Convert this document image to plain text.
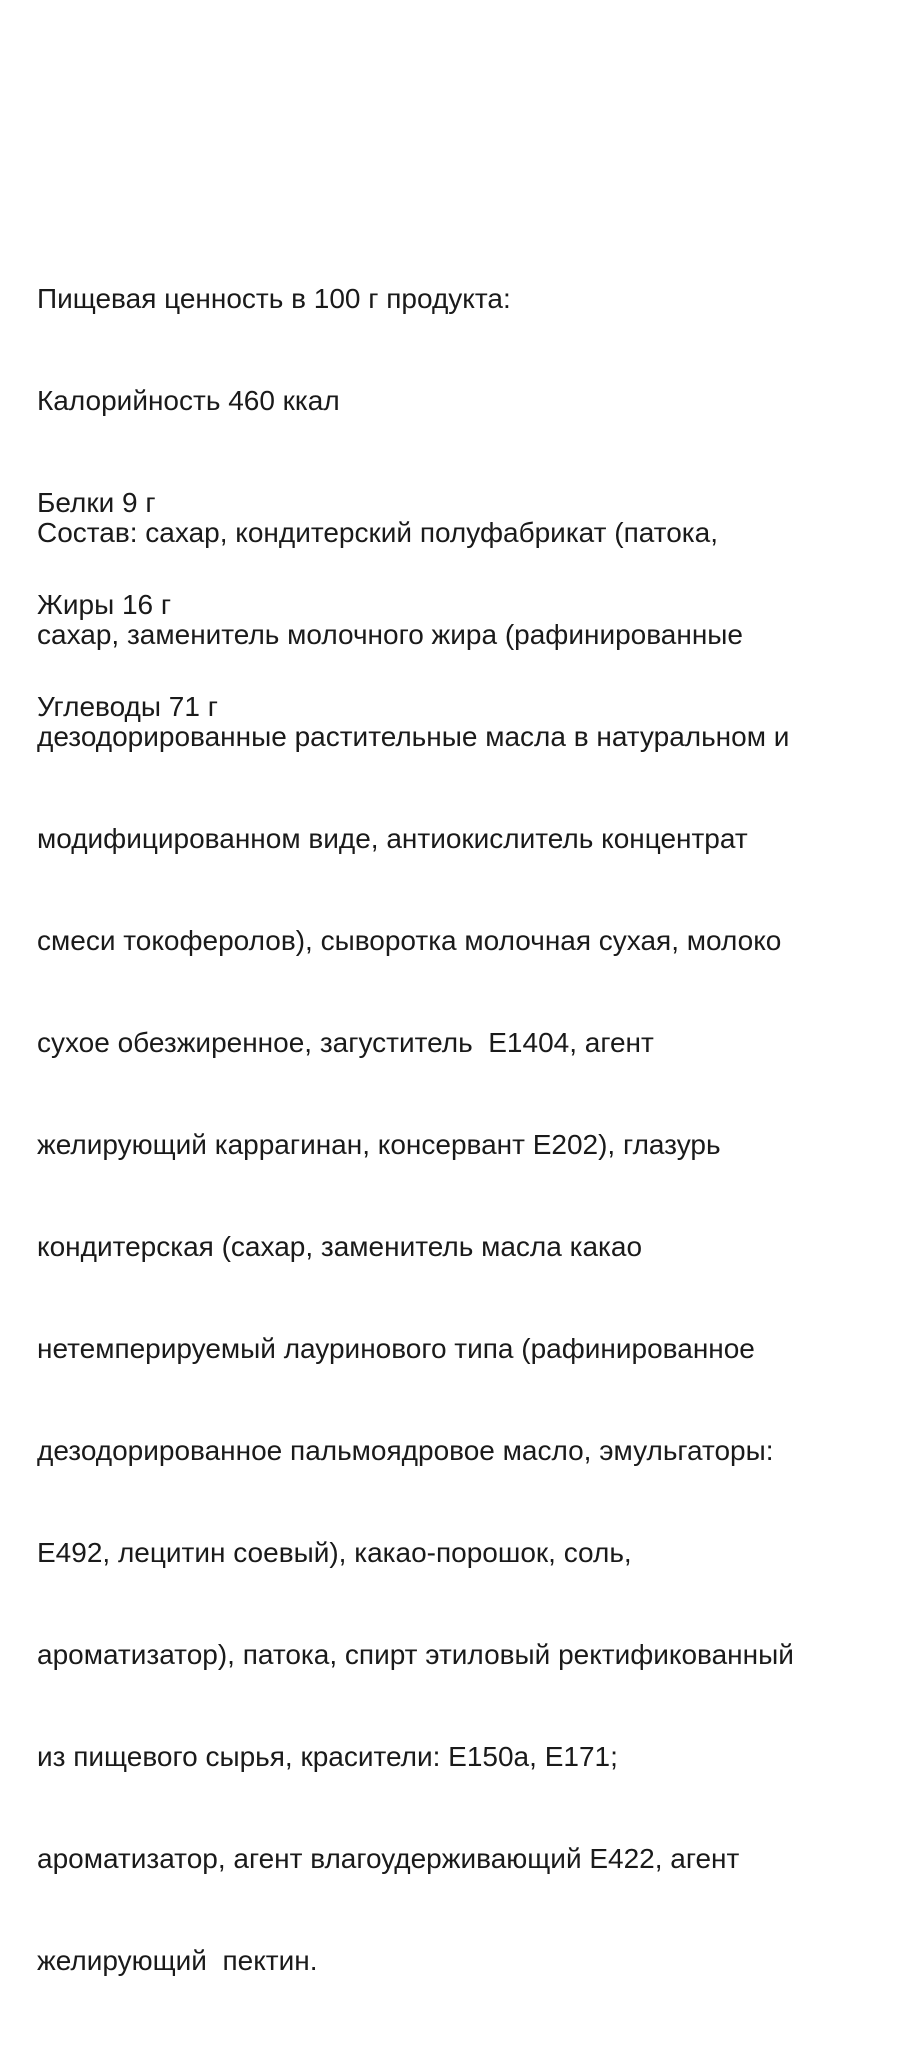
Пищевая ценность в 100 г продукта:

Калорийность 460 ккал

Белки 9 г

Жиры 16 г

Углеводы 71 г

Состав: сахар, кондитерский полуфабрикат (патока,

сахар, заменитель молочного жира (рафинированные

дезодорированные растительные масла в натуральном и

модифицированном виде, антиокислитель концентрат

смеси токоферолов), сыворотка молочная сухая, молоко

сухое обезжиренное, загуститель  Е1404, агент

желирующий каррагинан, консервант Е202), глазурь

кондитерская (сахар, заменитель масла какао

нетемперируемый лауринового типа (рафинированное

дезодорированное пальмоядровое масло, эмульгаторы:

Е492, лецитин соевый), какао-порошок, соль,

ароматизатор), патока, спирт этиловый ректификованный

из пищевого сырья, красители: Е150а, Е171;

ароматизатор, агент влагоудерживающий Е422, агент

желирующий  пектин.
